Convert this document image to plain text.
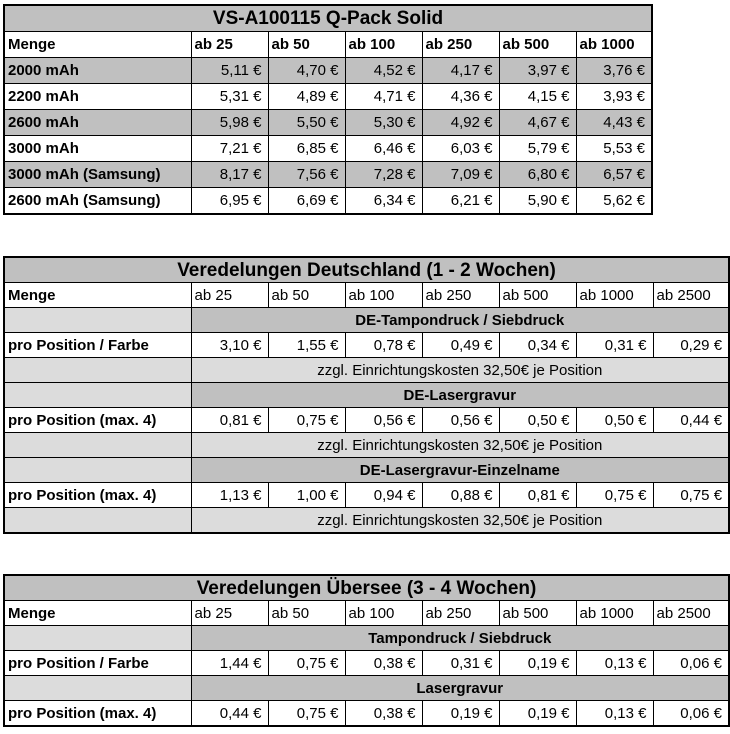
VS-A100115 Q-Pack Solid						
Menge	ab 25	ab 50	ab 100	ab 250	ab 500	ab 1000
2000 mAh	5,11 €	4,70 €	4,52 €	4,17 €	3,97 €	3,76 €
2200 mAh	5,31 €	4,89 €	4,71 €	4,36 €	4,15 €	3,93 €
2600 mAh	5,98 €	5,50 €	5,30 €	4,92 €	4,67 €	4,43 €
3000 mAh	7,21 €	6,85 €	6,46 €	6,03 €	5,79 €	5,53 €
3000 mAh (Samsung)	8,17 €	7,56 €	7,28 €	7,09 €	6,80 €	6,57 €
2600 mAh (Samsung)	6,95 €	6,69 €	6,34 €	6,21 €	5,90 €	5,62 €
Veredelungen Deutschland (1 - 2 Wochen)							
Menge	ab 25	ab 50	ab 100	ab 250	ab 500	ab 1000	ab 2500
	DE-Tampondruck / Siebdruck						
pro Position / Farbe	3,10 €	1,55 €	0,78 €	0,49 €	0,34 €	0,31 €	0,29 €
	zzgl. Einrichtungskosten 32,50€ je Position						
	DE-Lasergravur						
pro Position (max. 4)	0,81 €	0,75 €	0,56 €	0,56 €	0,50 €	0,50 €	0,44 €
	zzgl. Einrichtungskosten 32,50€ je Position						
	DE-Lasergravur-Einzelname						
pro Position (max. 4)	1,13 €	1,00 €	0,94 €	0,88 €	0,81 €	0,75 €	0,75 €
	zzgl. Einrichtungskosten 32,50€ je Position						
Veredelungen Übersee (3 - 4 Wochen)							
Menge	ab 25	ab 50	ab 100	ab 250	ab 500	ab 1000	ab 2500
	Tampondruck / Siebdruck						
pro Position / Farbe	1,44 €	0,75 €	0,38 €	0,31 €	0,19 €	0,13 €	0,06 €
	Lasergravur						
pro Position (max. 4)	0,44 €	0,75 €	0,38 €	0,19 €	0,19 €	0,13 €	0,06 €
